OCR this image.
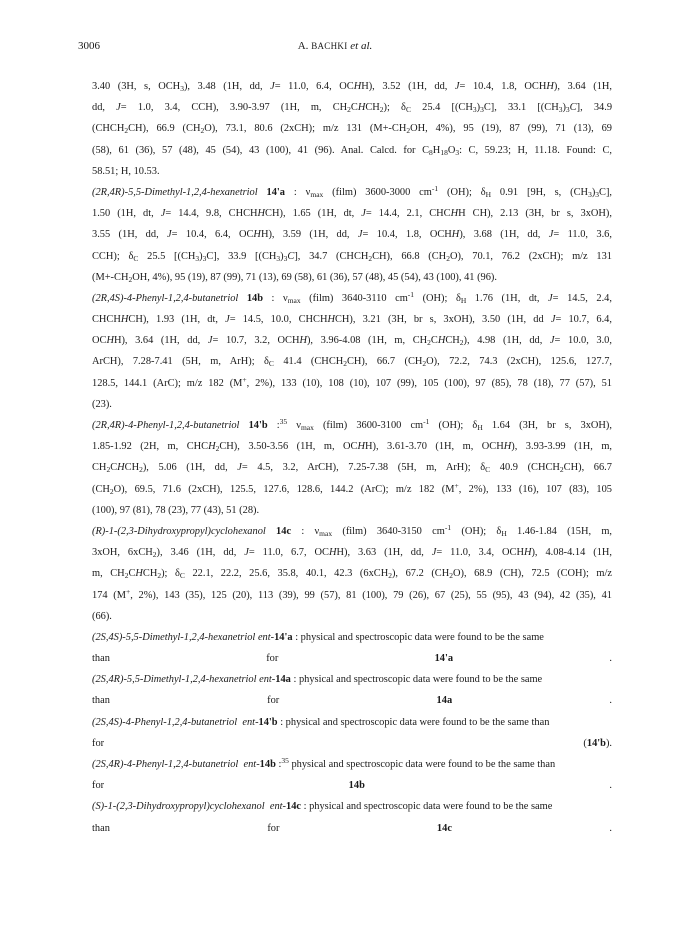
3006	A. BACHKI et al.
3.40 (3H, s, $OCH_3$), 3.48 (1H, dd, J= 11.0, 6.4, OCHH), 3.52 (1H, dd, J= 10.4, 1.8, OCHH), 3.64 (1H,
dd, J= 1.0, 3.4, CCH), 3.90-3.97 (1H, m, $CH_2CHCH_2$); $\delta_C$ 25.4 $[(CH_3)_3C]$, 33.1 $[(CH_3)_3C]$, 34.9
$(CHCH_2CH)$, 66.9 $(CH_2O)$, 73.1, 80.6 (2xCH); m/z 131 ($M+-CH_2OH$, 4%), 95 (19), 87 (99), 71 (13), 69
(58), 61 (36), 57 (48), 45 (54), 43 (100), 41 (96). Anal. Calcd. for $C_8H_{18}O_3$: C, 59.23; H, 11.18. Found: C,
58.51; H, 10.53.
(2R,4R)-5,5-Dimethyl-1,2,4-hexanetriol 14'a : $\nu_{max}$ (film) 3600-3000 $cm^{-1}$ (OH); $\delta_H$ 0.91 [9H, s, $(CH_3)_3C$],
1.50 (1H, dt, J= 14.4, 9.8, CHCHHCH), 1.65 (1H, dt, J= 14.4, 2.1, CHCHH CH), 2.13 (3H, br s, 3xOH),
3.55 (1H, dd, J= 10.4, 6.4, OCHH), 3.59 (1H, dd, J= 10.4, 1.8, OCHH), 3.68 (1H, dd, J= 11.0, 3.6,
CCH); $\delta_C$ 25.5 $[(CH_3)_3C]$, 33.9 $[(CH_3)_3C]$, 34.7 $(CHCH_2CH)$, 66.8 $(CH_2O)$, 70.1, 76.2 (2xCH); m/z 131
($M+-CH_2OH$, 4%), 95 (19), 87 (99), 71 (13), 69 (58), 61 (36), 57 (48), 45 (54), 43 (100), 41 (96).
(2R,4S)-4-Phenyl-1,2,4-butanetriol 14b : $\nu_{max}$ (film) 3640-3110 $cm^{-1}$ (OH); $\delta_H$ 1.76 (1H, dt, J= 14.5, 2.4,
CHCHHCH), 1.93 (1H, dt, J= 14.5, 10.0, CHCHHCH), 3.21 (3H, br s, 3xOH), 3.50 (1H, dd J= 10.7, 6.4,
OCHH), 3.64 (1H, dd, J= 10.7, 3.2, OCHH), 3.96-4.08 (1H, m, $CH_2CHCH_2$), 4.98 (1H, dd, J= 10.0, 3.0,
ArCH), 7.28-7.41 (5H, m, ArH); $\delta_C$ 41.4 $(CHCH_2CH)$, 66.7 $(CH_2O)$, 72.2, 74.3 (2xCH), 125.6, 127.7,
128.5, 144.1 (ArC); m/z 182 (M+, 2%), 133 (10), 108 (10), 107 (99), 105 (100), 97 (85), 78 (18), 77 (57), 51
(23).
(2R,4R)-4-Phenyl-1,2,4-butanetriol 14'b :$^{35}$ $\nu_{max}$ (film) 3600-3100 $cm^{-1}$ (OH); $\delta_H$ 1.64 (3H, br s, 3xOH),
1.85-1.92 (2H, m, $CHCH_2CH$), 3.50-3.56 (1H, m, OCHH), 3.61-3.70 (1H, m, OCHH), 3.93-3.99 (1H, m,
$CH_2CHCH_2$), 5.06 (1H, dd, J= 4.5, 3.2, ArCH), 7.25-7.38 (5H, m, ArH); $\delta_C$ 40.9 $(CHCH_2CH)$, 66.7
$(CH_2O)$, 69.5, 71.6 (2xCH), 125.5, 127.6, 128.6, 144.2 (ArC); m/z 182 (M+, 2%), 133 (16), 107 (83), 105
(100), 97 (81), 78 (23), 77 (43), 51 (28).
(R)-1-(2,3-Dihydroxypropyl)cyclohexanol 14c : $\nu_{max}$ (film) 3640-3150 $cm^{-1}$ (OH); $\delta_H$ 1.46-1.84 (15H, m,
3xOH, 6xCH$_2$), 3.46 (1H, dd, J= 11.0, 6.7, OCHH), 3.63 (1H, dd, J= 11.0, 3.4, OCHH), 4.08-4.14 (1H,
m, $CH_2CHCH_2$); $\delta_C$ 22.1, 22.2, 25.6, 35.8, 40.1, 42.3 (6xCH$_2$), 67.2 $(CH_2O)$, 68.9 (CH), 72.5 (COH); m/z
174 (M+, 2%), 143 (35), 125 (20), 113 (39), 99 (57), 81 (100), 79 (26), 67 (25), 55 (95), 43 (94), 42 (35), 41
(66).
(2S,4S)-5,5-Dimethyl-1,2,4-hexanetriol ent-14'a : physical and spectroscopic data were found to be the same
than for 14'a .
(2S,4R)-5,5-Dimethyl-1,2,4-hexanetriol ent-14a : physical and spectroscopic data were found to be the same
than for 14a .
(2S,4S)-4-Phenyl-1,2,4-butanetriol ent-14'b : physical and spectroscopic data were found to be the same than
for (14'b).
(2S,4R)-4-Phenyl-1,2,4-butanetriol ent-14b :$^{35}$ physical and spectroscopic data were found to be the same than
for 14b .
(S)-1-(2,3-Dihydroxypropyl)cyclohexanol ent-14c : physical and spectroscopic data were found to be the same
than for 14c .
